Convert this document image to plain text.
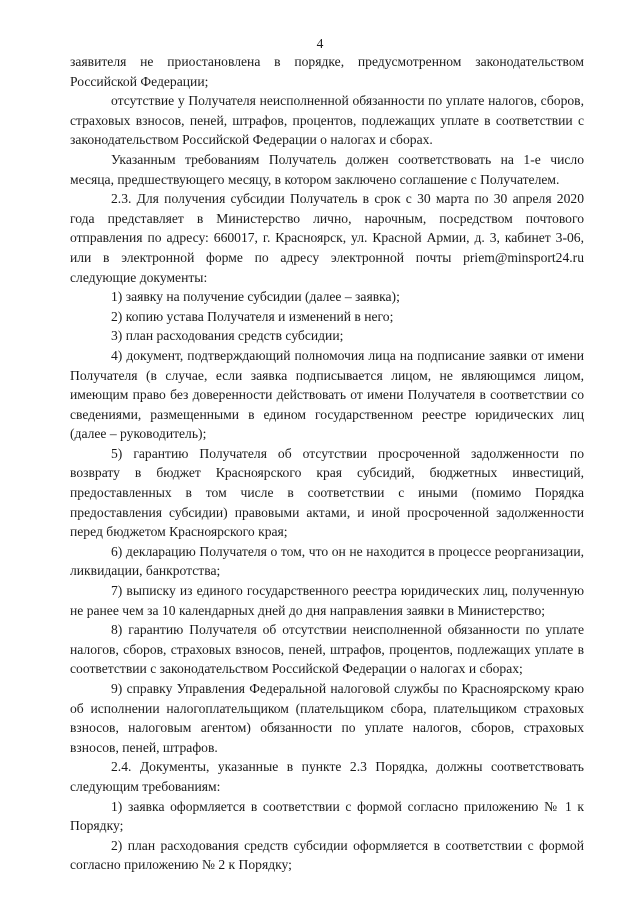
4

заявителя не приостановлена в порядке, предусмотренном законодательством Российской Федерации;

отсутствие у Получателя неисполненной обязанности по уплате налогов, сборов, страховых взносов, пеней, штрафов, процентов, подлежащих уплате в соответствии с законодательством Российской Федерации о налогах и сборах.

Указанным требованиям Получатель должен соответствовать на 1-е число месяца, предшествующего месяцу, в котором заключено соглашение с Получателем.

2.3. Для получения субсидии Получатель в срок с 30 марта по 30 апреля 2020 года представляет в Министерство лично, нарочным, посредством почтового отправления по адресу: 660017, г. Красноярск, ул. Красной Армии, д. 3, кабинет 3-06, или в электронной форме по адресу электронной почты priem@minsport24.ru следующие документы:

1) заявку на получение субсидии (далее – заявка);

2) копию устава Получателя и изменений в него;

3) план расходования средств субсидии;

4) документ, подтверждающий полномочия лица на подписание заявки от имени Получателя (в случае, если заявка подписывается лицом, не являющимся лицом, имеющим право без доверенности действовать от имени Получателя в соответствии со сведениями, размещенными в едином государственном реестре юридических лиц (далее – руководитель);

5) гарантию Получателя об отсутствии просроченной задолженности по возврату в бюджет Красноярского края субсидий, бюджетных инвестиций, предоставленных в том числе в соответствии с иными (помимо Порядка предоставления субсидии) правовыми актами, и иной просроченной задолженности перед бюджетом Красноярского края;

6) декларацию Получателя о том, что он не находится в процессе реорганизации, ликвидации, банкротства;

7) выписку из единого государственного реестра юридических лиц, полученную не ранее чем за 10 календарных дней до дня направления заявки в Министерство;

8) гарантию Получателя об отсутствии неисполненной обязанности по уплате налогов, сборов, страховых взносов, пеней, штрафов, процентов, подлежащих уплате в соответствии с законодательством Российской Федерации о налогах и сборах;

9) справку Управления Федеральной налоговой службы по Красноярскому краю об исполнении налогоплательщиком (плательщиком сбора, плательщиком страховых взносов, налоговым агентом) обязанности по уплате налогов, сборов, страховых взносов, пеней, штрафов.

2.4. Документы, указанные в пункте 2.3 Порядка, должны соответствовать следующим требованиям:

1) заявка оформляется в соответствии с формой согласно приложению № 1 к Порядку;

2) план расходования средств субсидии оформляется в соответствии с формой согласно приложению № 2 к Порядку;
